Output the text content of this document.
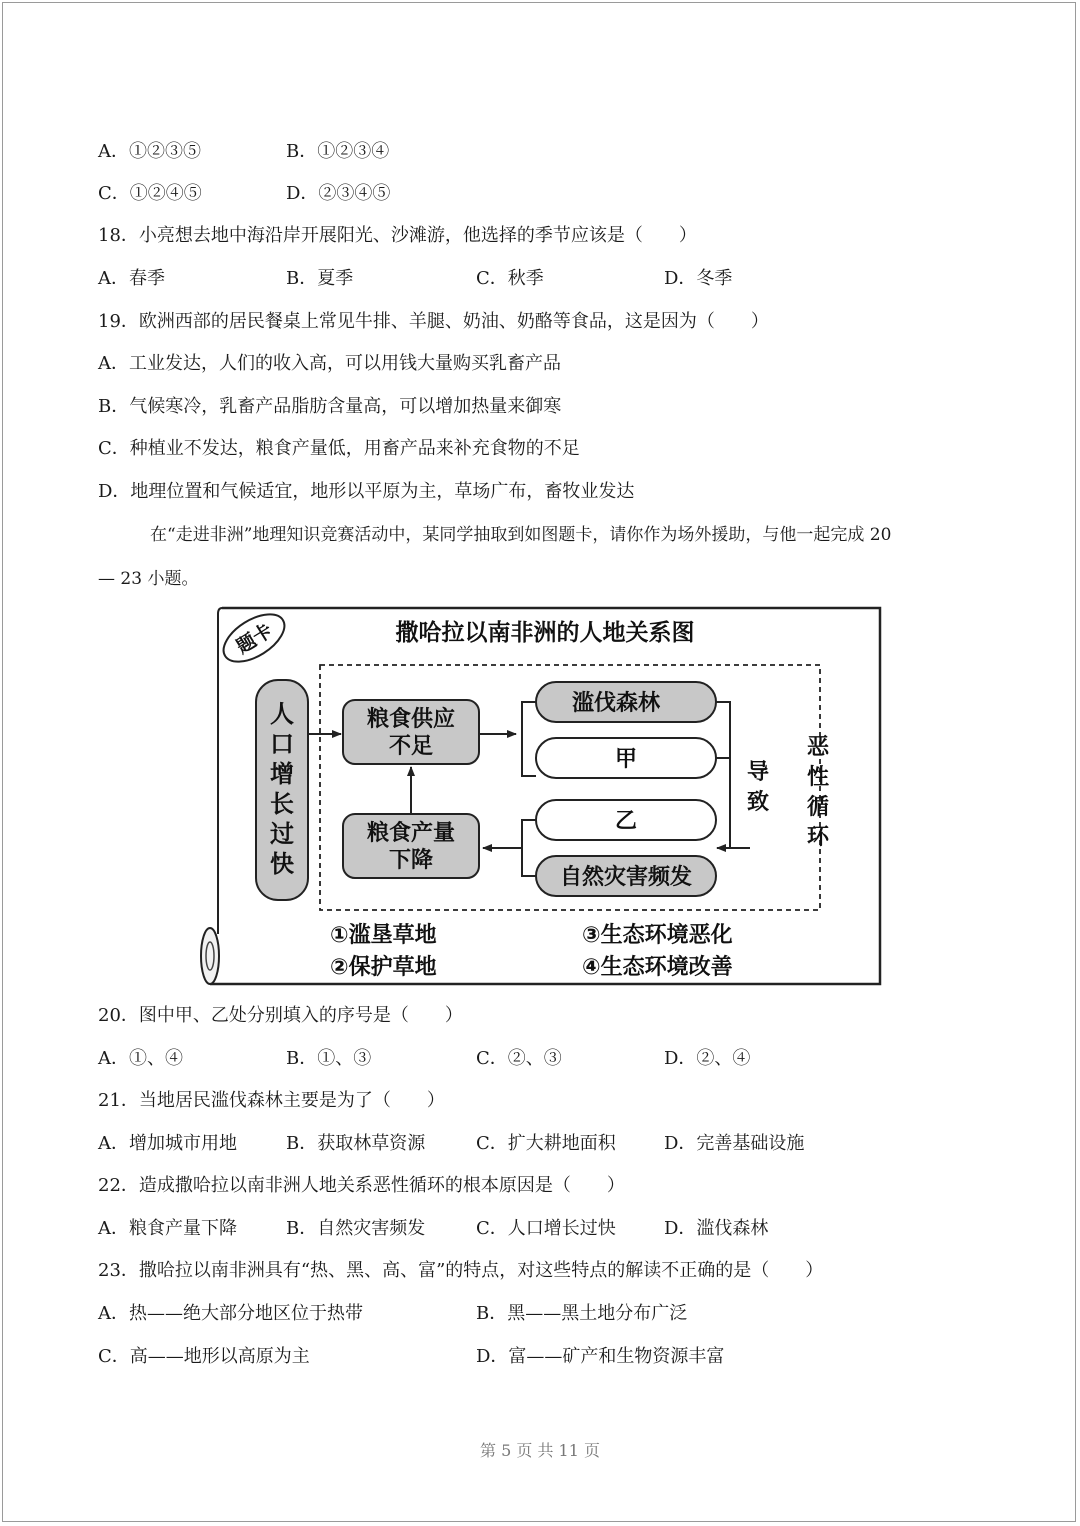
A．①②③⑤	B．①②③④
C．①②④⑤	D．②③④⑤
18．小亮想去地中海沿岸开展阳光、沙滩游，他选择的季节应该是（　　）
A．春季	B．夏季	C．秋季	D．冬季
19．欧洲西部的居民餐桌上常见牛排、羊腿、奶油、奶酪等食品，这是因为（　　）
A．工业发达，人们的收入高，可以用钱大量购买乳畜产品
B．气候寒冷，乳畜产品脂肪含量高，可以增加热量来御寒
C．种植业不发达，粮食产量低，用畜产品来补充食物的不足
D．地理位置和气候适宜，地形以平原为主，草场广布，畜牧业发达
在“走进非洲”地理知识竞赛活动中，某同学抽取到如图题卡，请你作为场外援助，与他一起完成 20
— 23 小题。
题卡	撒哈拉以南非洲的人地关系图
人
口
增
长
过
快
粮食供应
不足
粮食产量
下降
滥伐森林
甲
导
致
乙
自然灾害频发
恶
性
循
环
①滥垦草地
②保护草地
③生态环境恶化
④生态环境改善
20．图中甲、乙处分别填入的序号是（　　）
A．①、④	B．①、③	C．②、③	D．②、④
21．当地居民滥伐森林主要是为了（　　）
A．增加城市用地	B．获取林草资源	C．扩大耕地面积	D．完善基础设施
22．造成撒哈拉以南非洲人地关系恶性循环的根本原因是（　　）
A．粮食产量下降	B．自然灾害频发	C．人口增长过快	D．滥伐森林
23．撒哈拉以南非洲具有“热、黑、高、富”的特点，对这些特点的解读不正确的是（　　）
A．热——绝大部分地区位于热带	B．黑——黑土地分布广泛
C．高——地形以高原为主	D．富——矿产和生物资源丰富
第 5 页 共 11 页
